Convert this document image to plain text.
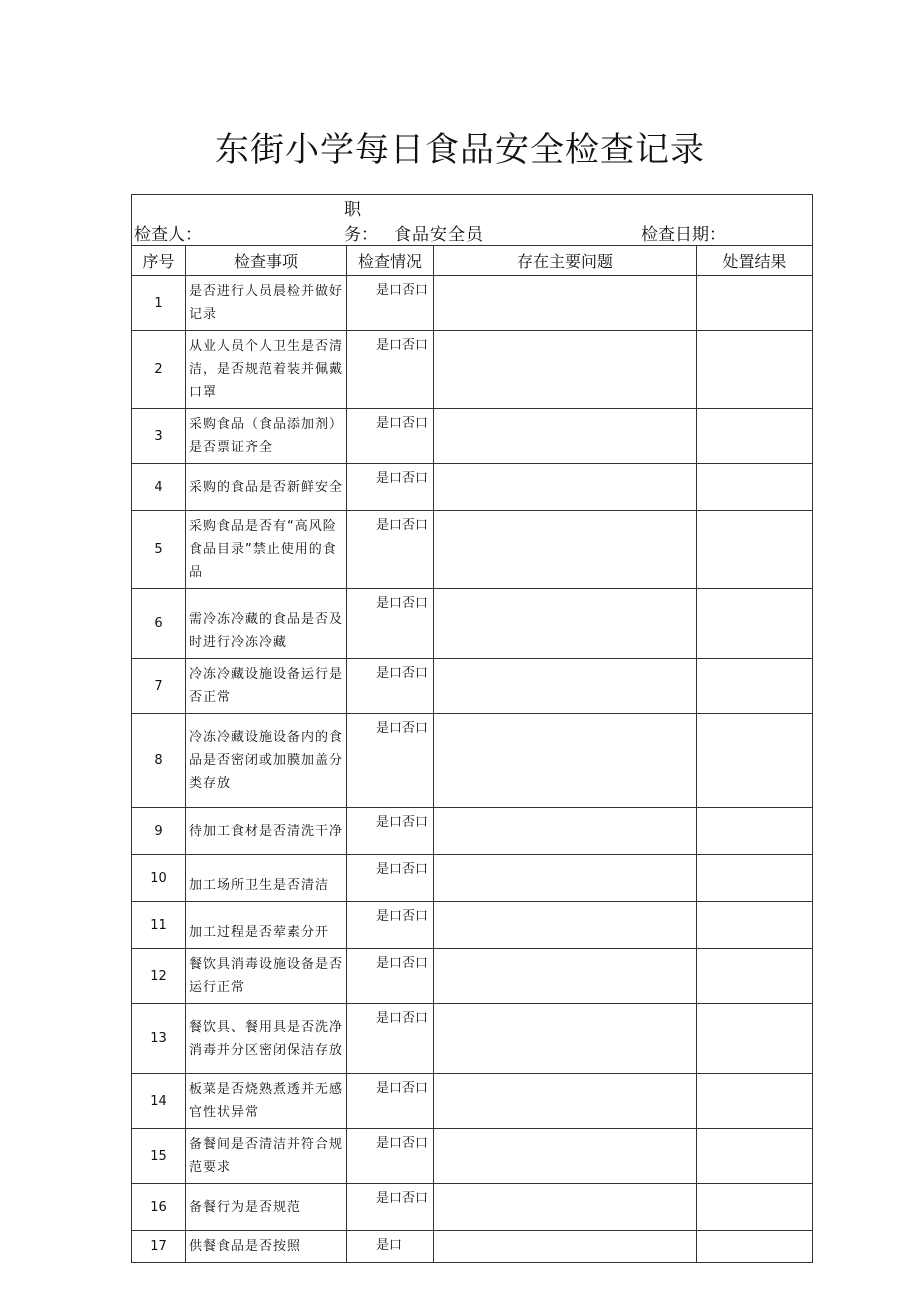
东街小学每日食品安全检查记录
检查人：职务： 食品安全员 检查日期：				
序号	检查事项	检查情况	存在主要问题	处置结果
1	是否进行人员晨检并做好记录	是口否口		
2	从业人员个人卫生是否清洁，是否规范着装并佩戴口罩	是口否口		
3	采购食品（食品添加剂）是否票证齐全	是口否口		
4	采购的食品是否新鲜安全	是口否口		
5	采购食品是否有“高风险食品目录”禁止使用的食品	是口否口		
6	需冷冻冷藏的食品是否及时进行冷冻冷藏	是口否口		
7	冷冻冷藏设施设备运行是否正常	是口否口		
8	冷冻冷藏设施设备内的食品是否密闭或加膜加盖分类存放	是口否口		
9	待加工食材是否清洗干净	是口否口		
10	加工场所卫生是否清洁	是口否口		
11	加工过程是否荤素分开	是口否口		
12	餐饮具消毒设施设备是否运行正常	是口否口		
13	餐饮具、餐用具是否洗净消毒并分区密闭保洁存放	是口否口		
14	板菜是否烧熟煮透并无感官性状异常	是口否口		
15	备餐间是否清洁并符合规范要求	是口否口		
16	备餐行为是否规范	是口否口		
17	供餐食品是否按照	是口		
